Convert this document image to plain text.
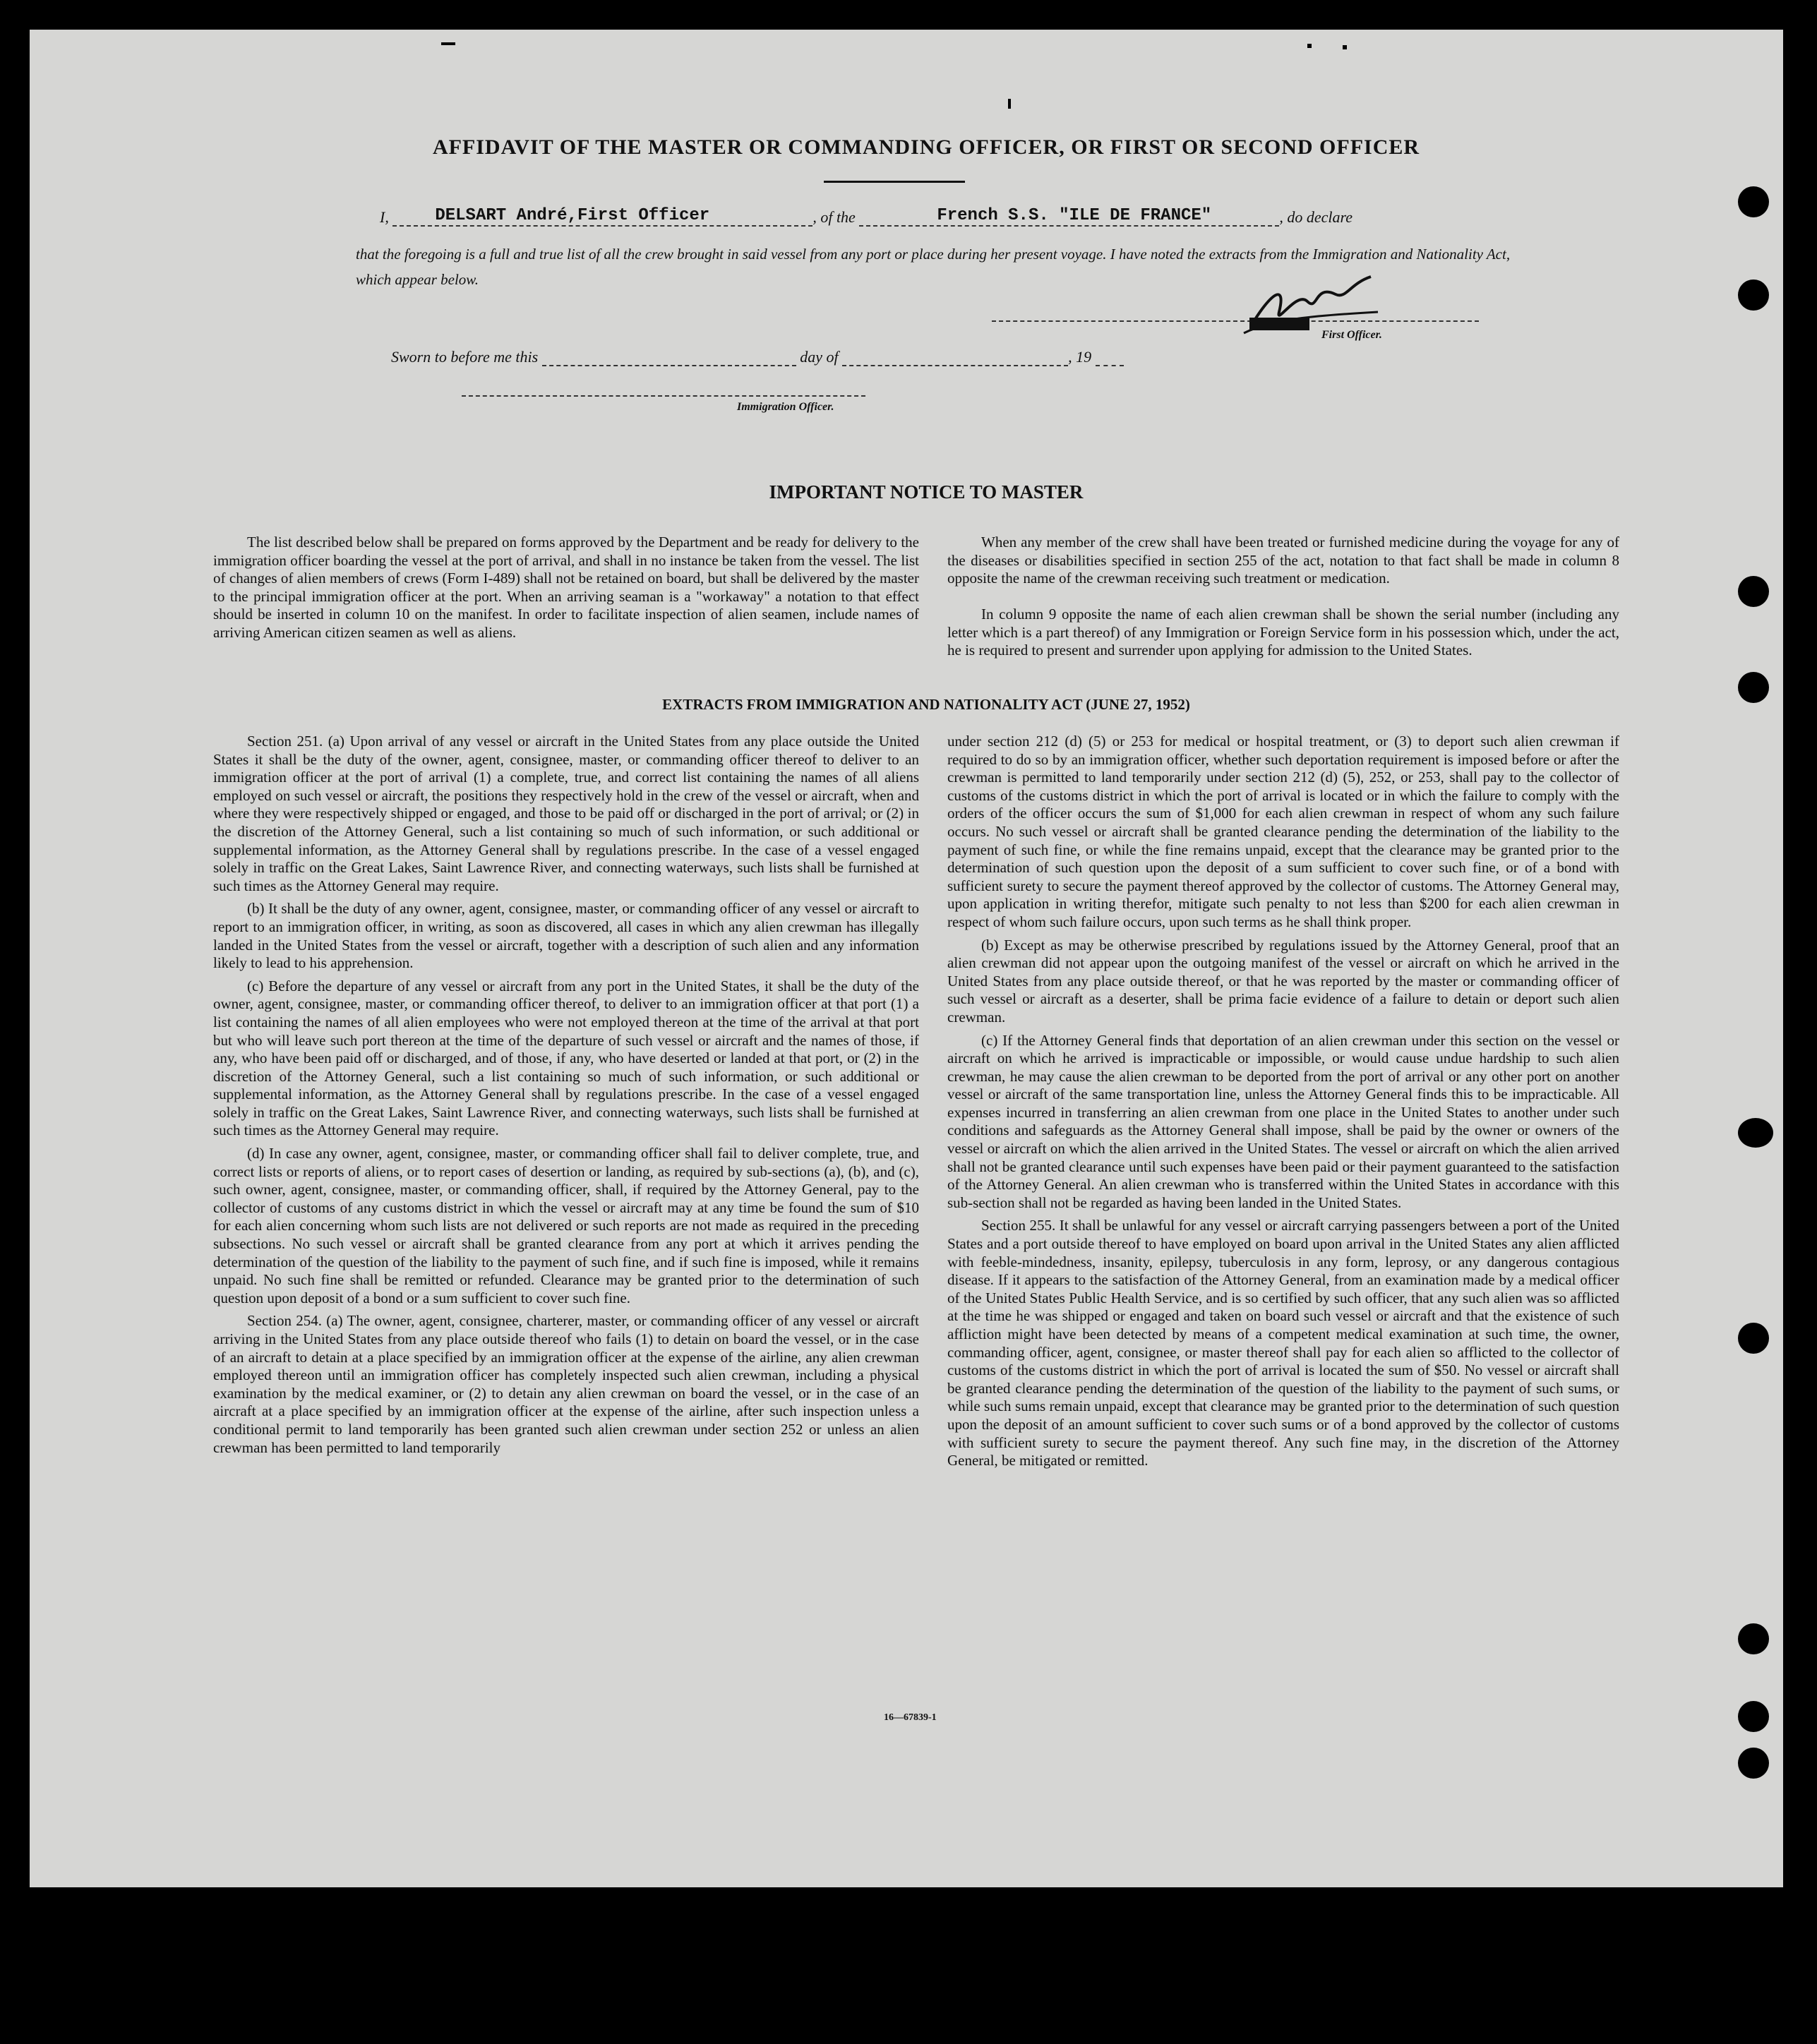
AFFIDAVIT OF THE MASTER OR COMMANDING OFFICER, OR FIRST OR SECOND OFFICER
I,	DELSART André,First Officer	, of the	French S.S. "ILE DE FRANCE"	, do declare
that the foregoing is a full and true list of all the crew brought in said vessel from any port or place during her present voyage. I have noted the extracts from the Immigration and Nationality Act, which appear below.
First Officer.
Sworn to before me this	day of	, 19
Immigration Officer.
IMPORTANT NOTICE TO MASTER
The list described below shall be prepared on forms approved by the Department and be ready for delivery to the immigration officer boarding the vessel at the port of arrival, and shall in no instance be taken from the vessel. The list of changes of alien members of crews (Form I-489) shall not be retained on board, but shall be delivered by the master to the principal immigration officer at the port. When an arriving seaman is a "workaway" a notation to that effect should be inserted in column 10 on the manifest. In order to facilitate inspection of alien seamen, include names of arriving American citizen seamen as well as aliens.
When any member of the crew shall have been treated or furnished medicine during the voyage for any of the diseases or disabilities specified in section 255 of the act, notation to that fact shall be made in column 8 opposite the name of the crewman receiving such treatment or medication.
In column 9 opposite the name of each alien crewman shall be shown the serial number (including any letter which is a part thereof) of any Immigration or Foreign Service form in his possession which, under the act, he is required to present and surrender upon applying for admission to the United States.
EXTRACTS FROM IMMIGRATION AND NATIONALITY ACT (JUNE 27, 1952)

Section 251. (a) Upon arrival of any vessel or aircraft in the United States from any place outside the United States it shall be the duty of the owner, agent, consignee, master, or commanding officer thereof to deliver to an immigration officer at the port of arrival (1) a complete, true, and correct list containing the names of all aliens employed on such vessel or aircraft, the positions they respectively hold in the crew of the vessel or aircraft, when and where they were respectively shipped or engaged, and those to be paid off or discharged in the port of arrival; or (2) in the discretion of the Attorney General, such a list containing so much of such information, or such additional or supplemental information, as the Attorney General shall by regulations prescribe. In the case of a vessel engaged solely in traffic on the Great Lakes, Saint Lawrence River, and connecting waterways, such lists shall be furnished at such times as the Attorney General may require.

(b) It shall be the duty of any owner, agent, consignee, master, or commanding officer of any vessel or aircraft to report to an immigration officer, in writing, as soon as discovered, all cases in which any alien crewman has illegally landed in the United States from the vessel or aircraft, together with a description of such alien and any information likely to lead to his apprehension.

(c) Before the departure of any vessel or aircraft from any port in the United States, it shall be the duty of the owner, agent, consignee, master, or commanding officer thereof, to deliver to an immigration officer at that port (1) a list containing the names of all alien employees who were not employed thereon at the time of the arrival at that port but who will leave such port thereon at the time of the departure of such vessel or aircraft and the names of those, if any, who have been paid off or discharged, and of those, if any, who have deserted or landed at that port, or (2) in the discretion of the Attorney General, such a list containing so much of such information, or such additional or supplemental information, as the Attorney General shall by regulations prescribe. In the case of a vessel engaged solely in traffic on the Great Lakes, Saint Lawrence River, and connecting waterways, such lists shall be furnished at such times as the Attorney General may require.

(d) In case any owner, agent, consignee, master, or commanding officer shall fail to deliver complete, true, and correct lists or reports of aliens, or to report cases of desertion or landing, as required by sub-sections (a), (b), and (c), such owner, agent, consignee, master, or commanding officer, shall, if required by the Attorney General, pay to the collector of customs of any customs district in which the vessel or aircraft may at any time be found the sum of $10 for each alien concerning whom such lists are not delivered or such reports are not made as required in the preceding subsections. No such vessel or aircraft shall be granted clearance from any port at which it arrives pending the determination of the question of the liability to the payment of such fine, and if such fine is imposed, while it remains unpaid. No such fine shall be remitted or refunded. Clearance may be granted prior to the determination of such question upon deposit of a bond or a sum sufficient to cover such fine.

Section 254. (a) The owner, agent, consignee, charterer, master, or commanding officer of any vessel or aircraft arriving in the United States from any place outside thereof who fails (1) to detain on board the vessel, or in the case of an aircraft to detain at a place specified by an immigration officer at the expense of the airline, any alien crewman employed thereon until an immigration officer has completely inspected such alien crewman, including a physical examination by the medical examiner, or (2) to detain any alien crewman on board the vessel, or in the case of an aircraft at a place specified by an immigration officer at the expense of the airline, after such inspection unless a conditional permit to land temporarily has been granted such alien crewman under section 252 or unless an alien crewman has been permitted to land temporarily

under section 212 (d) (5) or 253 for medical or hospital treatment, or (3) to deport such alien crewman if required to do so by an immigration officer, whether such deportation requirement is imposed before or after the crewman is permitted to land temporarily under section 212 (d) (5), 252, or 253, shall pay to the collector of customs of the customs district in which the port of arrival is located or in which the failure to comply with the orders of the officer occurs the sum of $1,000 for each alien crewman in respect of whom any such failure occurs. No such vessel or aircraft shall be granted clearance pending the determination of the liability to the payment of such fine, or while the fine remains unpaid, except that the clearance may be granted prior to the determination of such question upon the deposit of a sum sufficient to cover such fine, or of a bond with sufficient surety to secure the payment thereof approved by the collector of customs. The Attorney General may, upon application in writing therefor, mitigate such penalty to not less than $200 for each alien crewman in respect of whom such failure occurs, upon such terms as he shall think proper.

(b) Except as may be otherwise prescribed by regulations issued by the Attorney General, proof that an alien crewman did not appear upon the outgoing manifest of the vessel or aircraft on which he arrived in the United States from any place outside thereof, or that he was reported by the master or commanding officer of such vessel or aircraft as a deserter, shall be prima facie evidence of a failure to detain or deport such alien crewman.

(c) If the Attorney General finds that deportation of an alien crewman under this section on the vessel or aircraft on which he arrived is impracticable or impossible, or would cause undue hardship to such alien crewman, he may cause the alien crewman to be deported from the port of arrival or any other port on another vessel or aircraft of the same transportation line, unless the Attorney General finds this to be impracticable. All expenses incurred in transferring an alien crewman from one place in the United States to another under such conditions and safeguards as the Attorney General shall impose, shall be paid by the owner or owners of the vessel or aircraft on which the alien arrived in the United States. The vessel or aircraft on which the alien arrived shall not be granted clearance until such expenses have been paid or their payment guaranteed to the satisfaction of the Attorney General. An alien crewman who is transferred within the United States in accordance with this sub-section shall not be regarded as having been landed in the United States.

Section 255. It shall be unlawful for any vessel or aircraft carrying passengers between a port of the United States and a port outside thereof to have employed on board upon arrival in the United States any alien afflicted with feeble-mindedness, insanity, epilepsy, tuberculosis in any form, leprosy, or any dangerous contagious disease. If it appears to the satisfaction of the Attorney General, from an examination made by a medical officer of the United States Public Health Service, and is so certified by such officer, that any such alien was so afflicted at the time he was shipped or engaged and taken on board such vessel or aircraft and that the existence of such affliction might have been detected by means of a competent medical examination at such time, the owner, commanding officer, agent, consignee, or master thereof shall pay for each alien so afflicted to the collector of customs of the customs district in which the port of arrival is located the sum of $50. No vessel or aircraft shall be granted clearance pending the determination of the question of the liability to the payment of such sums, or while such sums remain unpaid, except that clearance may be granted prior to the determination of such question upon the deposit of an amount sufficient to cover such sums or of a bond approved by the collector of customs with sufficient surety to secure the payment thereof. Any such fine may, in the discretion of the Attorney General, be mitigated or remitted.

16—67839-1
